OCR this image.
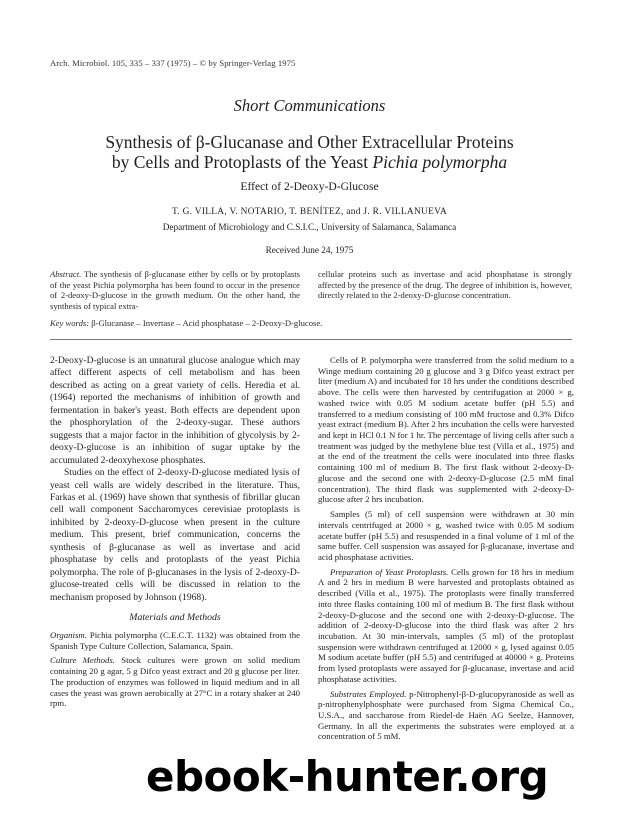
Arch. Microbiol. 105, 335 – 337 (1975) – © by Springer-Verlag 1975
Short Communications
Synthesis of β-Glucanase and Other Extracellular Proteins
by Cells and Protoplasts of the Yeast Pichia polymorpha
Effect of 2-Deoxy-D-Glucose
T. G. VILLA, V. NOTARIO, T. BENÍTEZ, and J. R. VILLANUEVA
Department of Microbiology and C.S.I.C., University of Salamanca, Salamanca
Received June 24, 1975
Abstract. The synthesis of β-glucanase either by cells or by protoplasts of the yeast Pichia polymorpha has been found to occur in the presence of 2-deoxy-D-glucose in the growth medium. On the other hand, the synthesis of typical extra-
cellular proteins such as invertase and acid phosphatase is strongly affected by the presence of the drug. The degree of inhibition is, however, directly related to the 2-deoxy-D-glucose concentration.
Key words: β-Glucanase – Invertase – Acid phosphatase – 2-Deoxy-D-glucose.

2-Deoxy-D-glucose is an unnatural glucose analogue which may affect different aspects of cell metabolism and has been described as acting on a great variety of cells. Heredia et al. (1964) reported the mechanisms of inhibition of growth and fermentation in baker's yeast. Both effects are dependent upon the phosphorylation of the 2-deoxy-sugar. These authors suggests that a major factor in the inhibition of glycolysis by 2-deoxy-D-glucose is an inhibition of sugar uptake by the accumulated 2-deoxyhexose phosphates.

Studies on the effect of 2-deoxy-D-glucose mediated lysis of yeast cell walls are widely described in the literature. Thus, Farkas et al. (1969) have shown that synthesis of fibrillar glucan cell wall component Saccharomyces cerevisiae protoplasts is inhibited by 2-deoxy-D-glucose when present in the culture medium. This present, brief communication, concerns the synthesis of β-glucanase as well as invertase and acid phosphatase by cells and protoplasts of the yeast Pichia polymorpha. The role of β-glucanases in the lysis of 2-deoxy-D-glucose-treated cells will be discussed in relation to the mechanism proposed by Johnson (1968).

Materials and Methods

Organism. Pichia polymorpha (C.E.C.T. 1132) was obtained from the Spanish Type Culture Collection, Salamanca, Spain.

Culture Methods. Stock cultures were grown on solid medium containing 20 g agar, 5 g Difco yeast extract and 20 g glucose per liter. The production of enzymes was followed in liquid medium and in all cases the yeast was grown aerobically at 27°C in a rotary shaker at 240 rpm.

Cells of P. polymorpha were transferred from the solid medium to a Winge medium containing 20 g glucose and 3 g Difco yeast extract per liter (medium A) and incubated for 18 hrs under the conditions described above. The cells were then harvested by centrifugation at 2000 × g, washed twice with 0.05 M sodium acetate buffer (pH 5.5) and transferred to a medium consisting of 100 mM fructose and 0.3% Difco yeast extract (medium B). After 2 hrs incubation the cells were harvested and kept in HCl 0.1 N for 1 hr. The percentage of living cells after such a treatment was judged by the methylene blue test (Villa et al., 1975) and at the end of the treatment the cells were inoculated into three flasks containing 100 ml of medium B. The first flask without 2-deoxy-D-glucose and the second one with 2-deoxy-D-glucose (2.5 mM final concentration). The third flask was supplemented with 2-deoxy-D-glucose after 2 hrs incubation.

Samples (5 ml) of cell suspension were withdrawn at 30 min intervals centrifuged at 2000 × g, washed twice with 0.05 M sodium acetate buffer (pH 5.5) and resuspended in a final volume of 1 ml of the same buffer. Cell suspension was assayed for β-glucanase, invertase and acid phosphatase activities.

Preparation of Yeast Protoplasts. Cells grown for 18 hrs in medium A and 2 hrs in medium B were harvested and protoplasts obtained as described (Villa et al., 1975). The protoplasts were finally transferred into three flasks containing 100 ml of medium B. The first flask without 2-deoxy-D-glucose and the second one with 2-deoxy-D-glucose. The addition of 2-deoxy-D-glucose into the third flask was after 2 hrs incubation. At 30 min-intervals, samples (5 ml) of the protoplast suspension were withdrawn centrifuged at 12000 × g, lysed against 0.05 M sodium acetate buffer (pH 5.5) and centrifuged at 40000 × g. Proteins from lysed protoplasts were assayed for β-glucanase, invertase and acid phosphatase activities.

Substrates Employed. p-Nitrophenyl-β-D-glucopyranoside as well as p-nitrophenylphosphate were purchased from Sigma Chemical Co., U.S.A., and saccharose from Riedel-de Haën AG Seelze, Hannover, Germany. In all the experiments the substrates were employed at a concentration of 5 mM.

ebook-hunter.org
